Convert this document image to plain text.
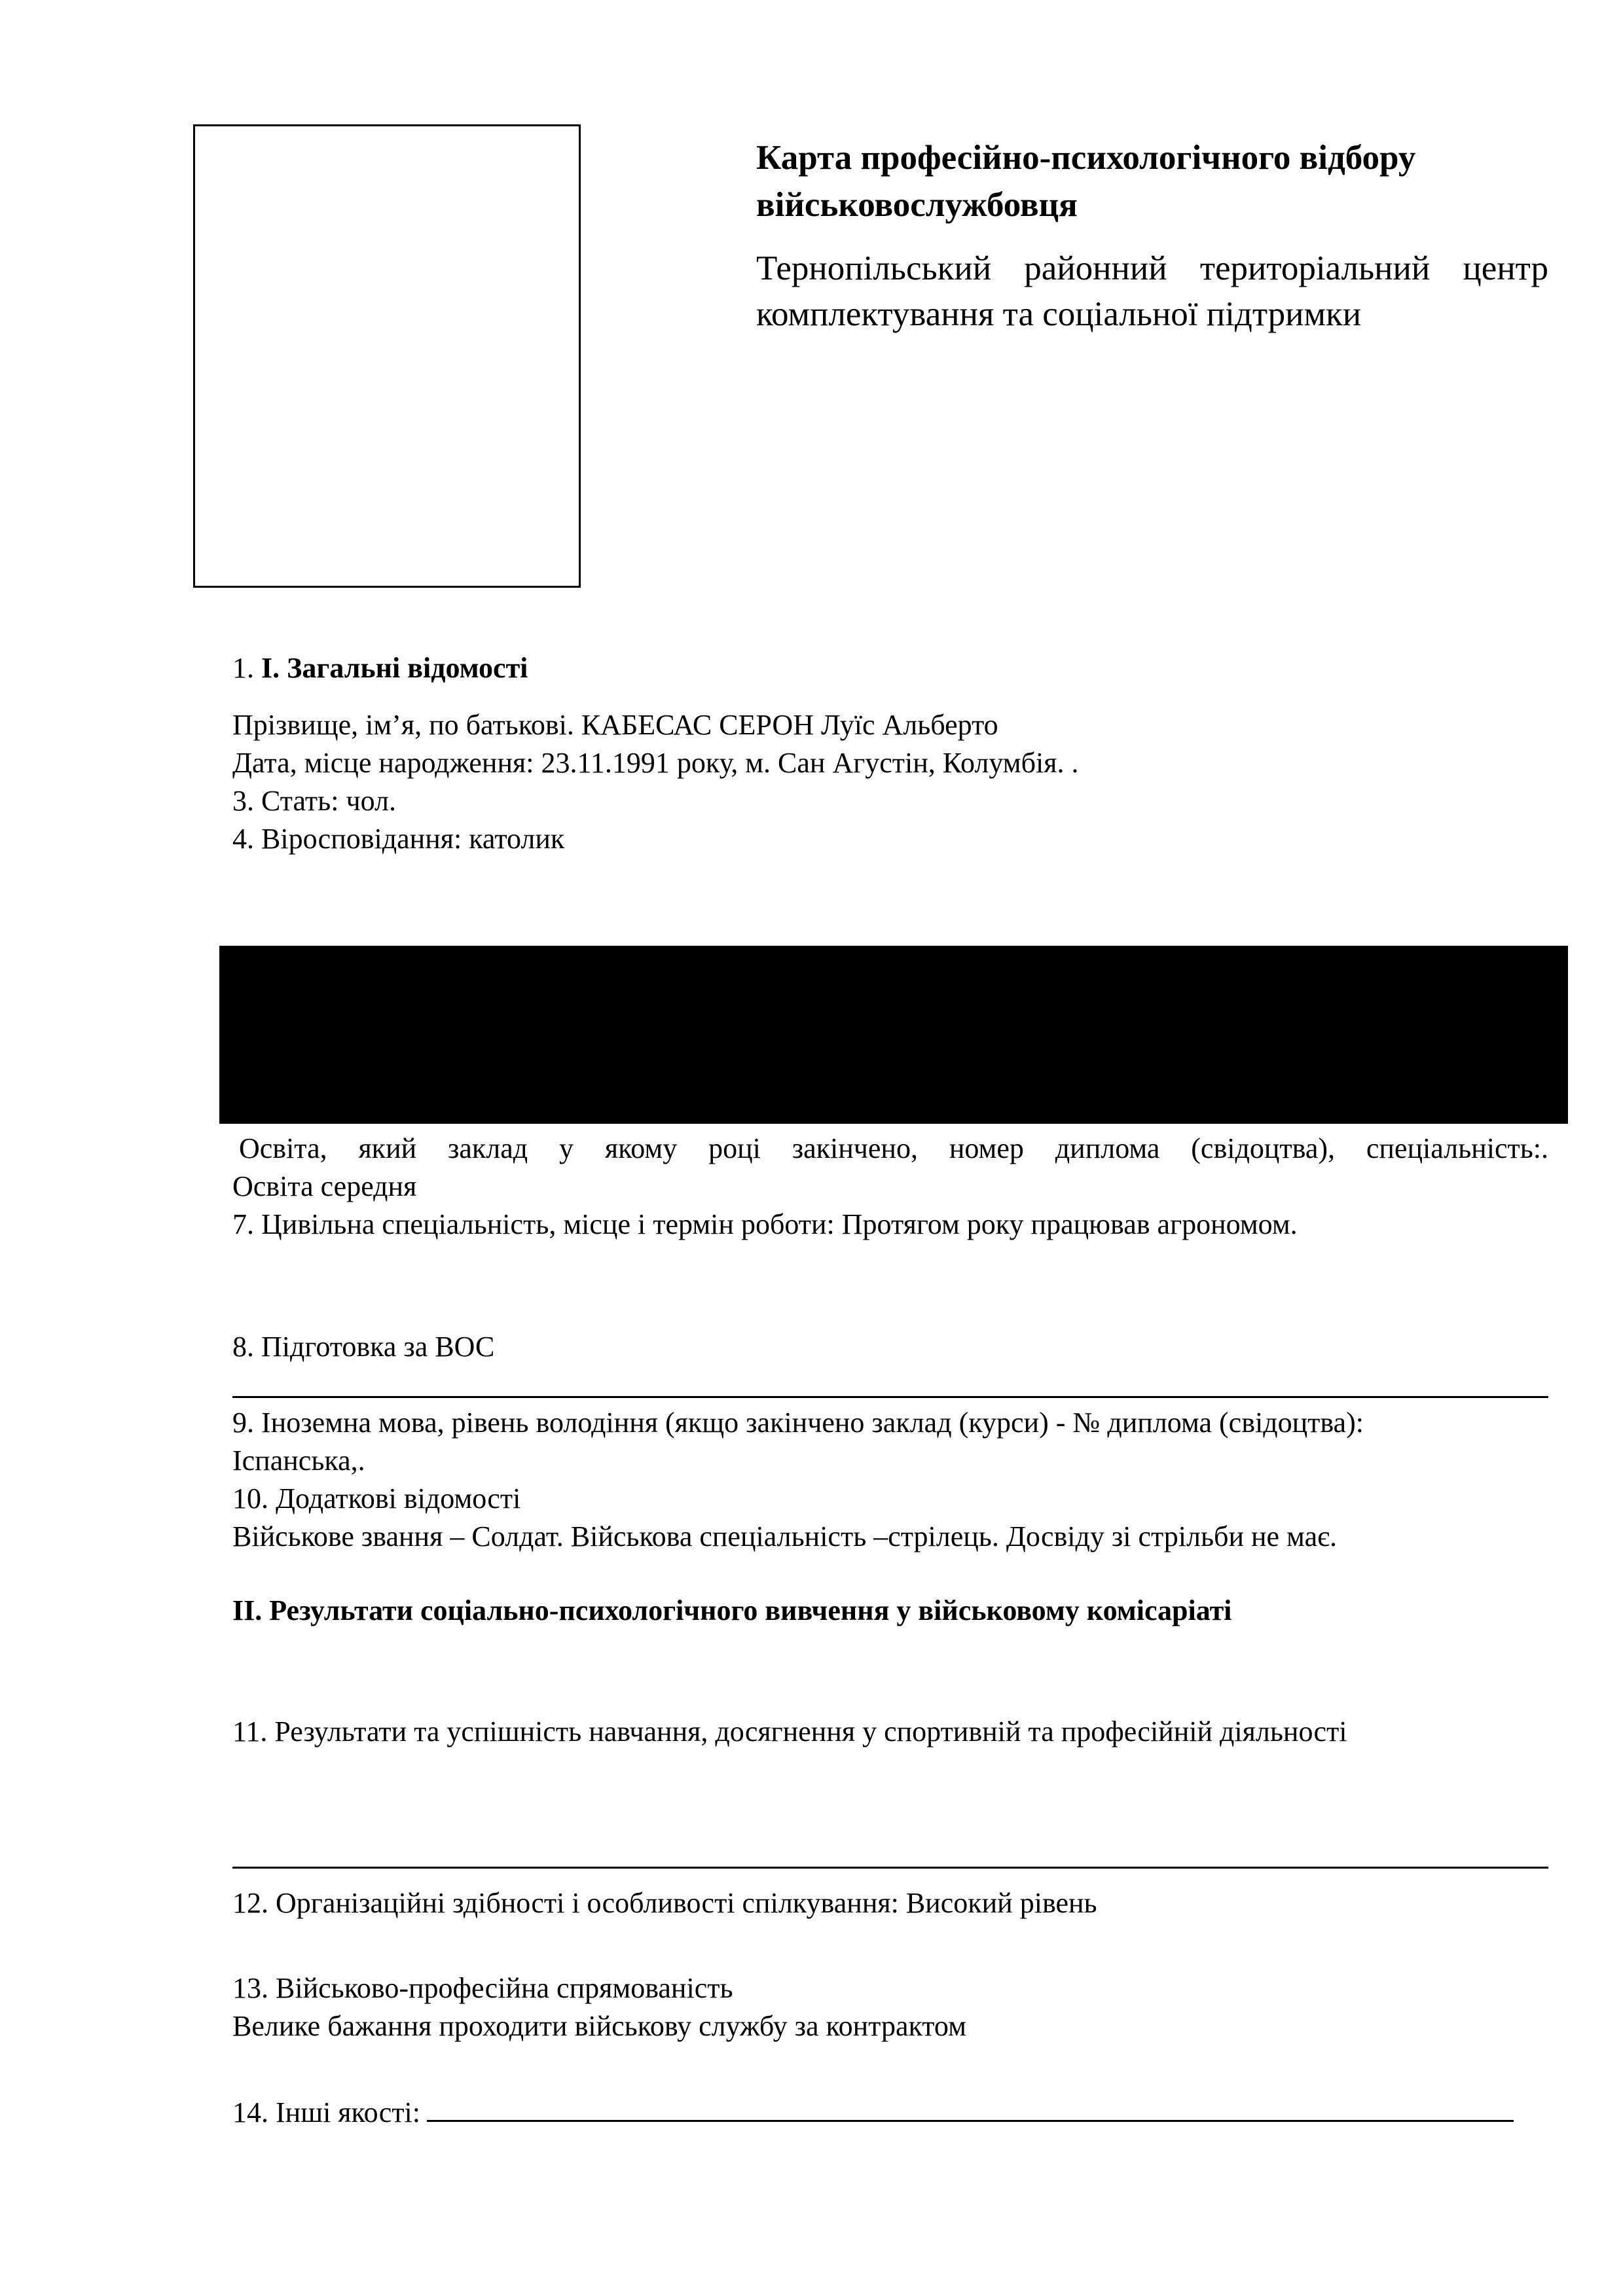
Карта професійно-психологічного відбору військовослужбовця
Тернопільський районний територіальний центр комплектування та соціальної підтримки
1. І. Загальні відомості
Прізвище, ім’я, по батькові. КАБЕСАС СЕРОН Луїс Альберто
Дата, місце народження: 23.11.1991 року, м. Сан Агустін, Колумбія. .
3. Стать: чол.
4. Віросповідання: католик
Освіта, який заклад у якому році закінчено, номер диплома (свідоцтва), спеціальність:.
Освіта середня
7. Цивільна спеціальність, місце і термін роботи: Протягом року працював агрономом.
8. Підготовка за ВОС
9. Іноземна мова, рівень володіння (якщо закінчено заклад (курси) - № диплома (свідоцтва):
Іспанська,.
10. Додаткові відомості
Військове звання – Солдат. Військова спеціальність –стрілець. Досвіду зі стрільби не має.
ІІ. Результати соціально-психологічного вивчення у військовому комісаріаті
11. Результати та успішність навчання, досягнення у спортивній та професійній діяльності
12. Організаційні здібності і особливості спілкування: Високий рівень
13. Військово-професійна спрямованість
Велике бажання проходити військову службу за контрактом
14. Інші якості:
